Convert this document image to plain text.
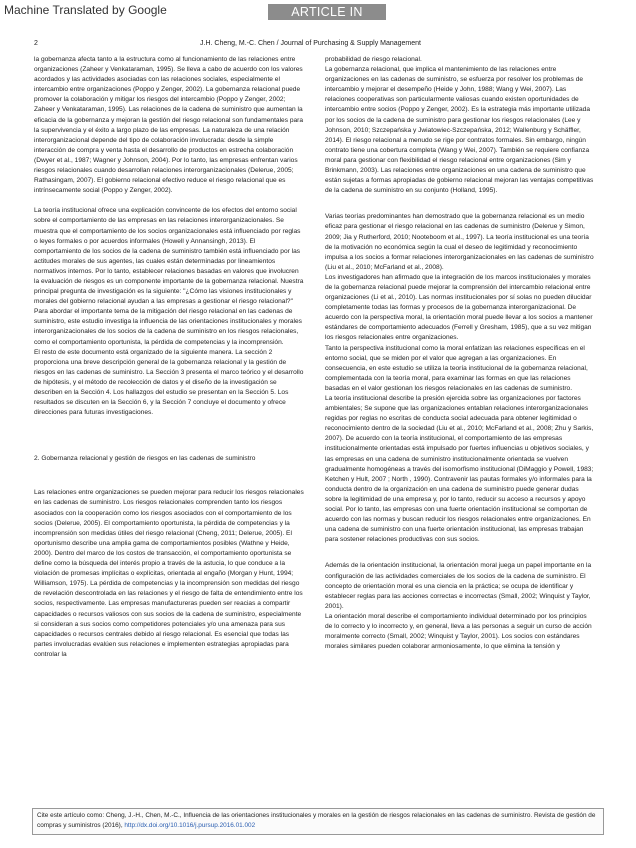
Machine Translated by Google	ARTICLE IN PRESS
2	J.H. Cheng, M.-C. Chen / Journal of Purchasing & Supply Management

la gobernanza afecta tanto a la estructura como al funcionamiento de las relaciones entre organizaciones (Zaheer y Venkataraman, 1995). Se lleva a cabo de acuerdo con los valores acordados y las actividades asociadas con las relaciones sociales, especialmente el intercambio entre organizaciones (Poppo y Zenger, 2002). La gobernanza relacional puede promover la colaboración y mitigar los riesgos del intercambio (Poppo y Zenger, 2002; Zaheer y Venkataraman, 1995). Las relaciones de la cadena de suministro que aumentan la eficacia de la gobernanza y mejoran la gestión del riesgo relacional son fundamentales para la supervivencia y el éxito a largo plazo de las empresas. La naturaleza de una relación interorganizacional depende del tipo de colaboración involucrada: desde la simple interacción de compra y venta hasta el desarrollo de productos en estrecha colaboración (Dwyer et al., 1987; Wagner y Johnson, 2004). Por lo tanto, las empresas enfrentan varios riesgos relacionales cuando desarrollan relaciones interorganizacionales (Delerue, 2005; Rathasingam, 2007). El gobierno relacional efectivo reduce el riesgo relacional que es intrínsecamente social (Poppo y Zenger, 2002).

La teoría institucional ofrece una explicación convincente de los efectos del entorno social sobre el comportamiento de las empresas en las relaciones interorganizacionales. Se muestra que el comportamiento de los socios organizacionales está influenciado por reglas o leyes formales o por acuerdos informales (Howell y Annansingh, 2013). El comportamiento de los socios de la cadena de suministro también está influenciado por las actitudes morales de sus agentes, las cuales están determinadas por lineamientos normativos internos. Por lo tanto, establecer relaciones basadas en valores que involucren la evaluación de riesgos es un componente importante de la gobernanza relacional. Nuestra principal pregunta de investigación es la siguiente: "¿Cómo las visiones institucionales y morales del gobierno relacional ayudan a las empresas a gestionar el riesgo relacional?"

Para abordar el importante tema de la mitigación del riesgo relacional en las cadenas de suministro, este estudio investiga la influencia de las orientaciones institucionales y morales interorganizacionales de los socios de la cadena de suministro en los riesgos relacionales, como el comportamiento oportunista, la pérdida de competencias y la incomprensión.

El resto de este documento está organizado de la siguiente manera. La sección 2 proporciona una breve descripción general de la gobernanza relacional y la gestión de riesgos en las cadenas de suministro. La Sección 3 presenta el marco teórico y el desarrollo de hipótesis, y el método de recolección de datos y el diseño de la investigación se describen en la Sección 4. Los hallazgos del estudio se presentan en la Sección 5. Los resultados se discuten en la Sección 6, y la Sección 7 concluye el documento y ofrece direcciones para futuras investigaciones.

2. Gobernanza relacional y gestión de riesgos en las cadenas de suministro

Las relaciones entre organizaciones se pueden mejorar para reducir los riesgos relacionales en las cadenas de suministro. Los riesgos relacionales comprenden tanto los riesgos asociados con la cooperación como los riesgos asociados con el comportamiento de los socios (Delerue, 2005). El comportamiento oportunista, la pérdida de competencias y la incomprensión son medidas útiles del riesgo relacional (Cheng, 2011; Delerue, 2005). El oportunismo describe una amplia gama de comportamientos posibles (Wathne y Heide, 2000). Dentro del marco de los costos de transacción, el comportamiento oportunista se define como la búsqueda del interés propio a través de la astucia, lo que conduce a la violación de promesas implícitas o explícitas, orientada al engaño (Morgan y Hunt, 1994; Williamson, 1975). La pérdida de competencias y la incomprensión son medidas del riesgo de revelación descontrolada en las relaciones y el riesgo de falta de entendimiento entre los socios, respectivamente. Las empresas manufactureras pueden ser reacias a compartir capacidades o recursos valiosos con sus socios de la cadena de suministro, especialmente si consideran a sus socios como competidores potenciales y/o una amenaza para sus capacidades o recursos centrales debido al riesgo relacional. Es esencial que todas las partes involucradas evalúen sus relaciones e implementen estrategias apropiadas para controlar la

probabilidad de riesgo relacional.

La gobernanza relacional, que implica el mantenimiento de las relaciones entre organizaciones en las cadenas de suministro, se esfuerza por resolver los problemas de intercambio y mejorar el desempeño (Heide y John, 1988; Wang y Wei, 2007). Las relaciones cooperativas son particularmente valiosas cuando existen oportunidades de intercambio entre socios (Poppo y Zenger, 2002). Es la estrategia más importante utilizada por los socios de la cadena de suministro para gestionar los riesgos relacionales (Lee y Johnson, 2010; Szczepańska y Jwiatowiec-Szczepańska, 2012; Wallenburg y Schäffler, 2014). El riesgo relacional a menudo se rige por contratos formales. Sin embargo, ningún contrato tiene una cobertura completa (Wang y Wei, 2007). También se requiere confianza moral para gestionar con flexibilidad el riesgo relacional entre organizaciones (Sim y Brinkmann, 2003). Las relaciones entre organizaciones en una cadena de suministro que están sujetas a formas apropiadas de gobierno relacional mejoran las ventajas competitivas de la cadena de suministro en su conjunto (Holland, 1995).

Varias teorías predominantes han demostrado que la gobernanza relacional es un medio eficaz para gestionar el riesgo relacional en las cadenas de suministro (Delerue y Simon, 2009; Jia y Rutherford, 2010; Nooteboom et al., 1997). La teoría institucional es una teoría de la motivación no económica según la cual el deseo de legitimidad y reconocimiento impulsa a los socios a formar relaciones interorganizacionales en las cadenas de suministro (Liu et al., 2010; McFarland et al., 2008).

Los investigadores han afirmado que la integración de los marcos institucionales y morales de la gobernanza relacional puede mejorar la comprensión del intercambio relacional entre organizaciones (Li et al., 2010). Las normas institucionales por sí solas no pueden dilucidar completamente todas las formas y procesos de la gobernanza interorganizacional. De acuerdo con la perspectiva moral, la orientación moral puede llevar a los socios a mantener estándares de comportamiento adecuados (Ferrell y Gresham, 1985), que a su vez mitigan los riesgos relacionales entre organizaciones.

Tanto la perspectiva institucional como la moral enfatizan las relaciones específicas en el entorno social, que se miden por el valor que agregan a las organizaciones. En consecuencia, en este estudio se utiliza la teoría institucional de la gobernanza relacional, complementada con la teoría moral, para examinar las formas en que las relaciones basadas en el valor gestionan los riesgos relacionales en las cadenas de suministro.

La teoría institucional describe la presión ejercida sobre las organizaciones por factores ambientales; Se supone que las organizaciones entablan relaciones interorganizacionales regidas por reglas no escritas de conducta social adecuada para obtener legitimidad o reconocimiento dentro de la sociedad (Liu et al., 2010; McFarland et al., 2008; Zhu y Sarkis, 2007). De acuerdo con la teoría institucional, el comportamiento de las empresas institucionalmente orientadas está impulsado por fuertes influencias u objetivos sociales, y las empresas en una cadena de suministro institucionalmente orientada se vuelven gradualmente homogéneas a través del isomorfismo institucional (DiMaggio y Powell, 1983; Ketchen y Hult, 2007 ; North , 1990). Contravenir las pautas formales y/o informales para la conducta dentro de la organización en una cadena de suministro puede generar dudas sobre la legitimidad de una empresa y, por lo tanto, reducir su acceso a recursos y apoyo social. Por lo tanto, las empresas con una fuerte orientación institucional se comportan de acuerdo con las normas y buscan reducir los riesgos relacionales entre organizaciones. En una cadena de suministro con una fuerte orientación institucional, las empresas trabajan para sostener relaciones productivas con sus socios.

Además de la orientación institucional, la orientación moral juega un papel importante en la configuración de las actividades comerciales de los socios de la cadena de suministro. El concepto de orientación moral es una ciencia en la práctica; se ocupa de identificar y establecer reglas para las acciones correctas e incorrectas (Small, 2002; Winquist y Taylor, 2001).

La orientación moral describe el comportamiento individual determinado por los principios de lo correcto y lo incorrecto y, en general, lleva a las personas a seguir un curso de acción moralmente correcto (Small, 2002; Winquist y Taylor, 2001). Los socios con estándares morales similares pueden colaborar armoniosamente, lo que elimina la tensión y

Cite este artículo como: Cheng, J.-H., Chen, M.-C., Influencia de las orientaciones institucionales y morales en la gestión de riesgos relacionales en las cadenas de suministro. Revista de gestión de compras y suministros (2016), http://dx.doi.org/10.1016/j.pursup.2016.01.002
